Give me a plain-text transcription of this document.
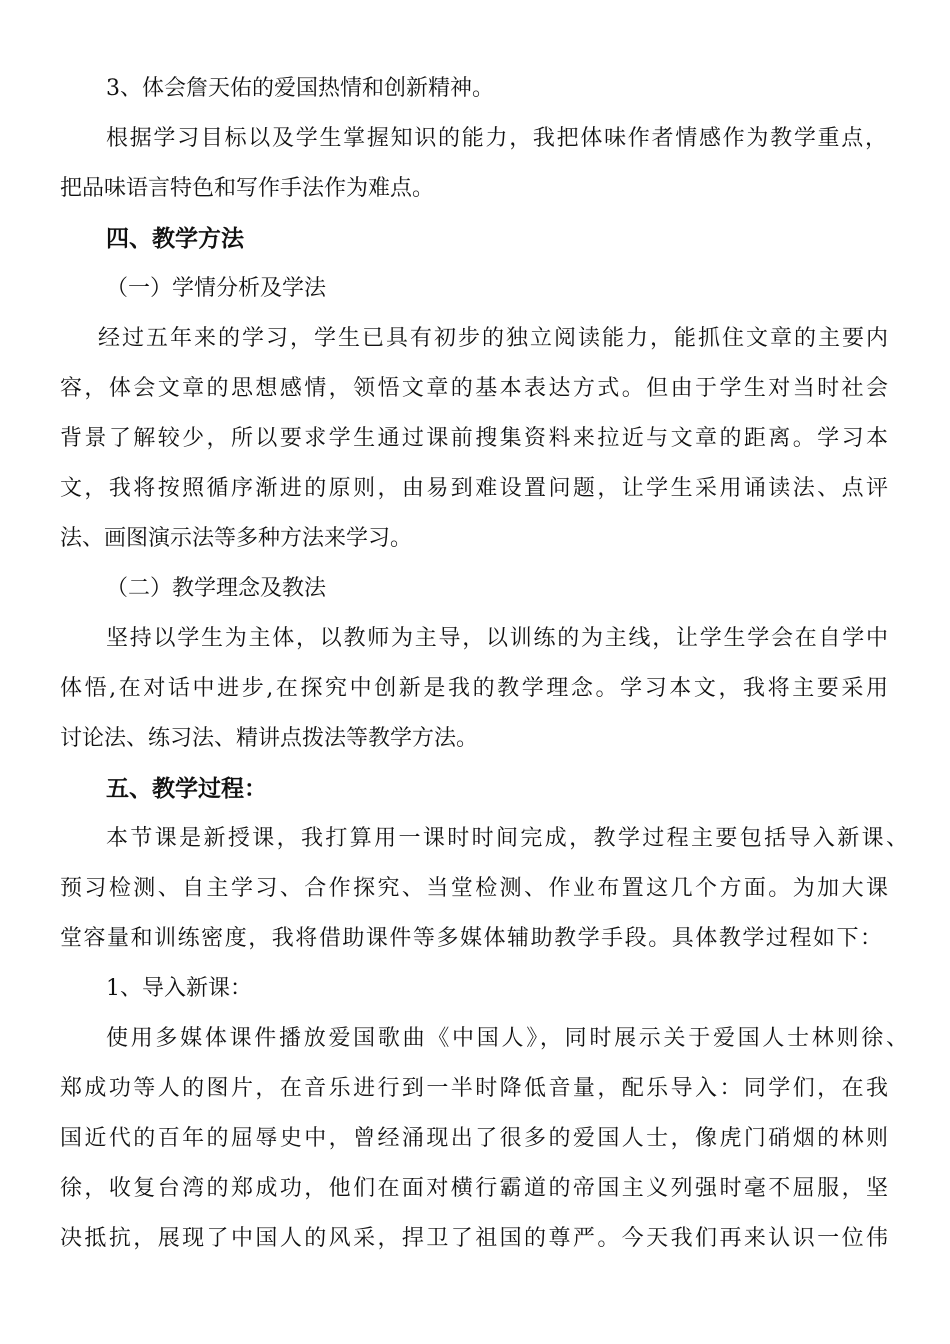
3、体会詹天佑的爱国热情和创新精神。
根据学习目标以及学生掌握知识的能力，我把体味作者情感作为教学重点，
把品味语言特色和写作手法作为难点。
四、教学方法
（一）学情分析及学法
经过五年来的学习，学生已具有初步的独立阅读能力，能抓住文章的主要内
容，体会文章的思想感情，领悟文章的基本表达方式。但由于学生对当时社会
背景了解较少，所以要求学生通过课前搜集资料来拉近与文章的距离。学习本
文，我将按照循序渐进的原则，由易到难设置问题，让学生采用诵读法、点评
法、画图演示法等多种方法来学习。
（二）教学理念及教法
坚持以学生为主体，以教师为主导，以训练的为主线，让学生学会在自学中
体悟,在对话中进步,在探究中创新是我的教学理念。学习本文，我将主要采用
讨论法、练习法、精讲点拨法等教学方法。
五、教学过程：
本节课是新授课，我打算用一课时时间完成，教学过程主要包括导入新课、
预习检测、自主学习、合作探究、当堂检测、作业布置这几个方面。为加大课
堂容量和训练密度，我将借助课件等多媒体辅助教学手段。具体教学过程如下：
1、导入新课：
使用多媒体课件播放爱国歌曲《中国人》，同时展示关于爱国人士林则徐、
郑成功等人的图片，在音乐进行到一半时降低音量，配乐导入：同学们，在我
国近代的百年的屈辱史中，曾经涌现出了很多的爱国人士，像虎门硝烟的林则
徐，收复台湾的郑成功，他们在面对横行霸道的帝国主义列强时毫不屈服，坚
决抵抗，展现了中国人的风采，捍卫了祖国的尊严。今天我们再来认识一位伟
